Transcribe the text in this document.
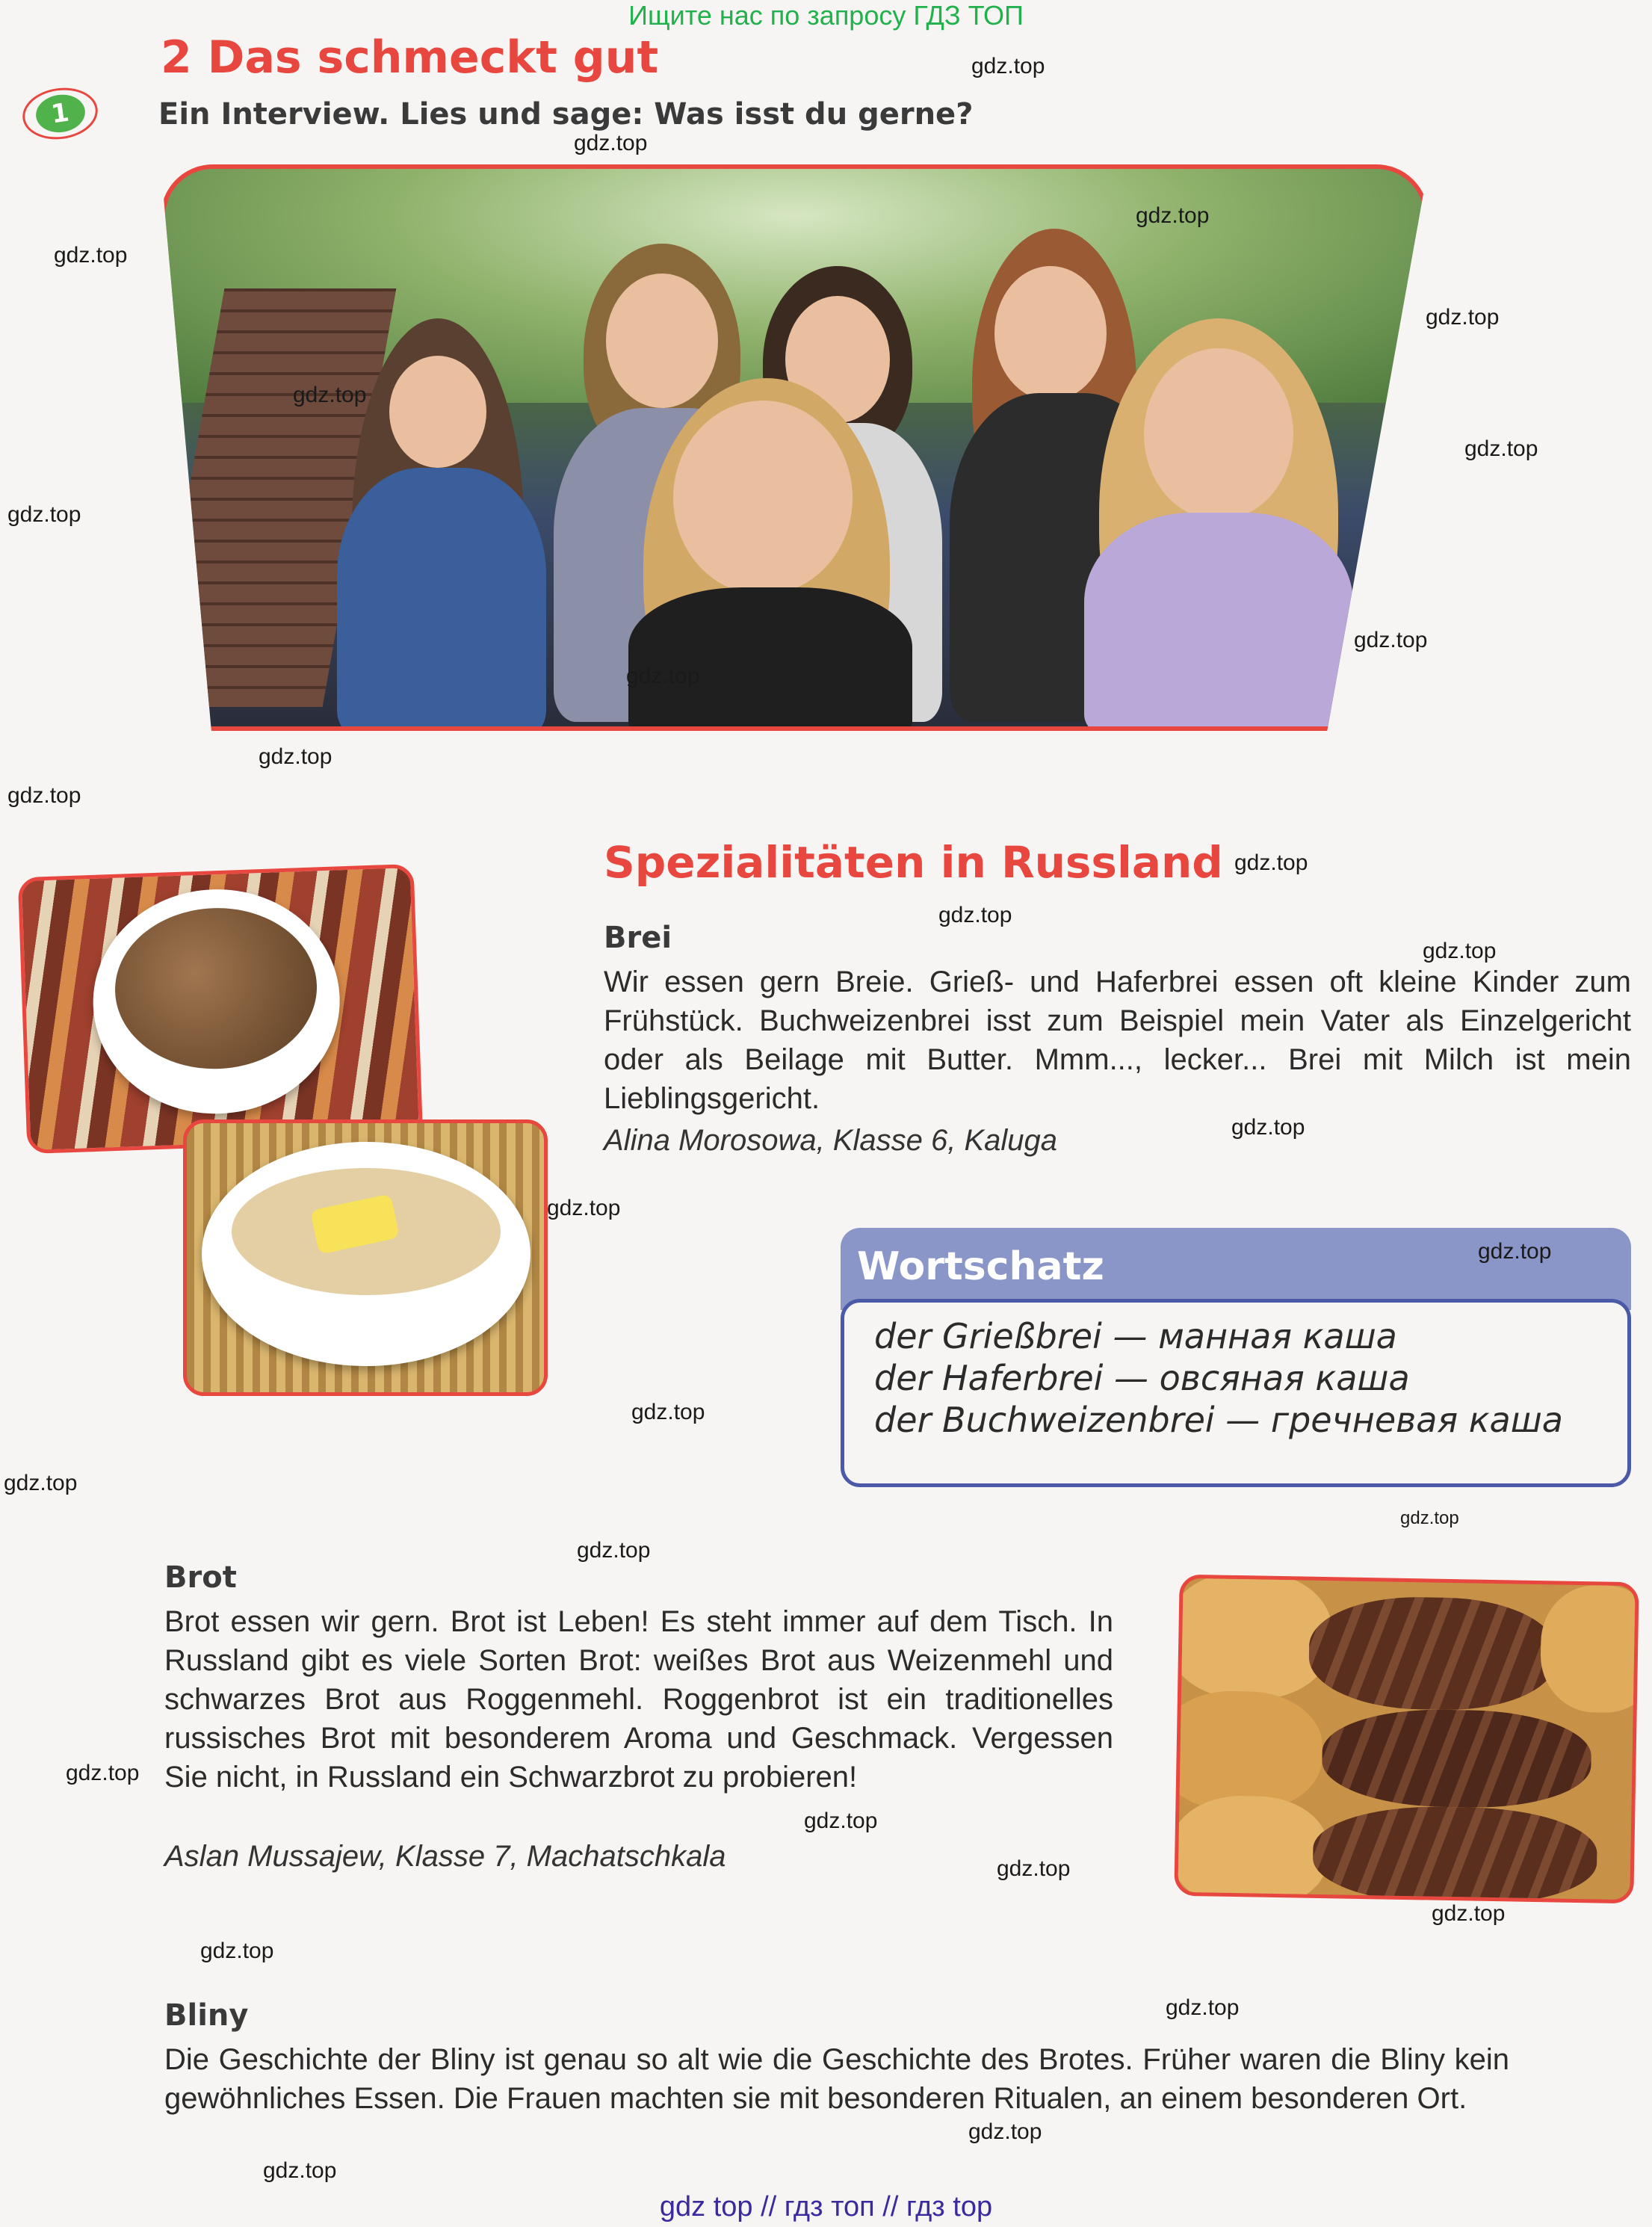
Ищите нас по запросу ГДЗ ТОП
2 Das schmeckt gut
1	Ein Interview. Lies und sage: Was isst du gerne?
Spezialitäten in Russland
Brei
Wir essen gern Breie. Grieß- und Haferbrei essen oft kleine Kinder zum Frühstück. Buchweizenbrei isst zum Beispiel mein Vater als Einzelgericht oder als Beilage mit Butter. Mmm..., lecker... Brei mit Milch ist mein Lieblingsgericht.
Alina Morosowa, Klasse 6, Kaluga
Wortschatz
der Grießbrei — манная каша
der Haferbrei — овсяная каша
der Buchweizenbrei — гречневая каша
Brot
Brot essen wir gern. Brot ist Leben! Es steht immer auf dem Tisch. In Russland gibt es viele Sorten Brot: weißes Brot aus Weizenmehl und schwarzes Brot aus Roggenmehl. Roggenbrot ist ein traditionelles russisches Brot mit besonderem Aroma und Geschmack. Vergessen Sie nicht, in Russland ein Schwarzbrot zu probieren!
Aslan Mussajew, Klasse 7, Machatschkala
Bliny
Die Geschichte der Bliny ist genau so alt wie die Geschichte des Brotes. Früher waren die Bliny kein gewöhnliches Essen. Die Frauen machten sie mit besonderen Ritualen, an einem besonderen Ort.
gdz.top
gdz.top
gdz.top
gdz.top
gdz.top
gdz.top
gdz.top
gdz.top
gdz.top
gdz.top
gdz.top
gdz.top
gdz.top
gdz.top
gdz.top
gdz.top
gdz.top
gdz.top
gdz.top
gdz.top
gdz.top
gdz.top
gdz.top
gdz.top
gdz.top
gdz.top
gdz.top
gdz.top
gdz.top
gdz.top
gdz top // гдз топ // гдз top
